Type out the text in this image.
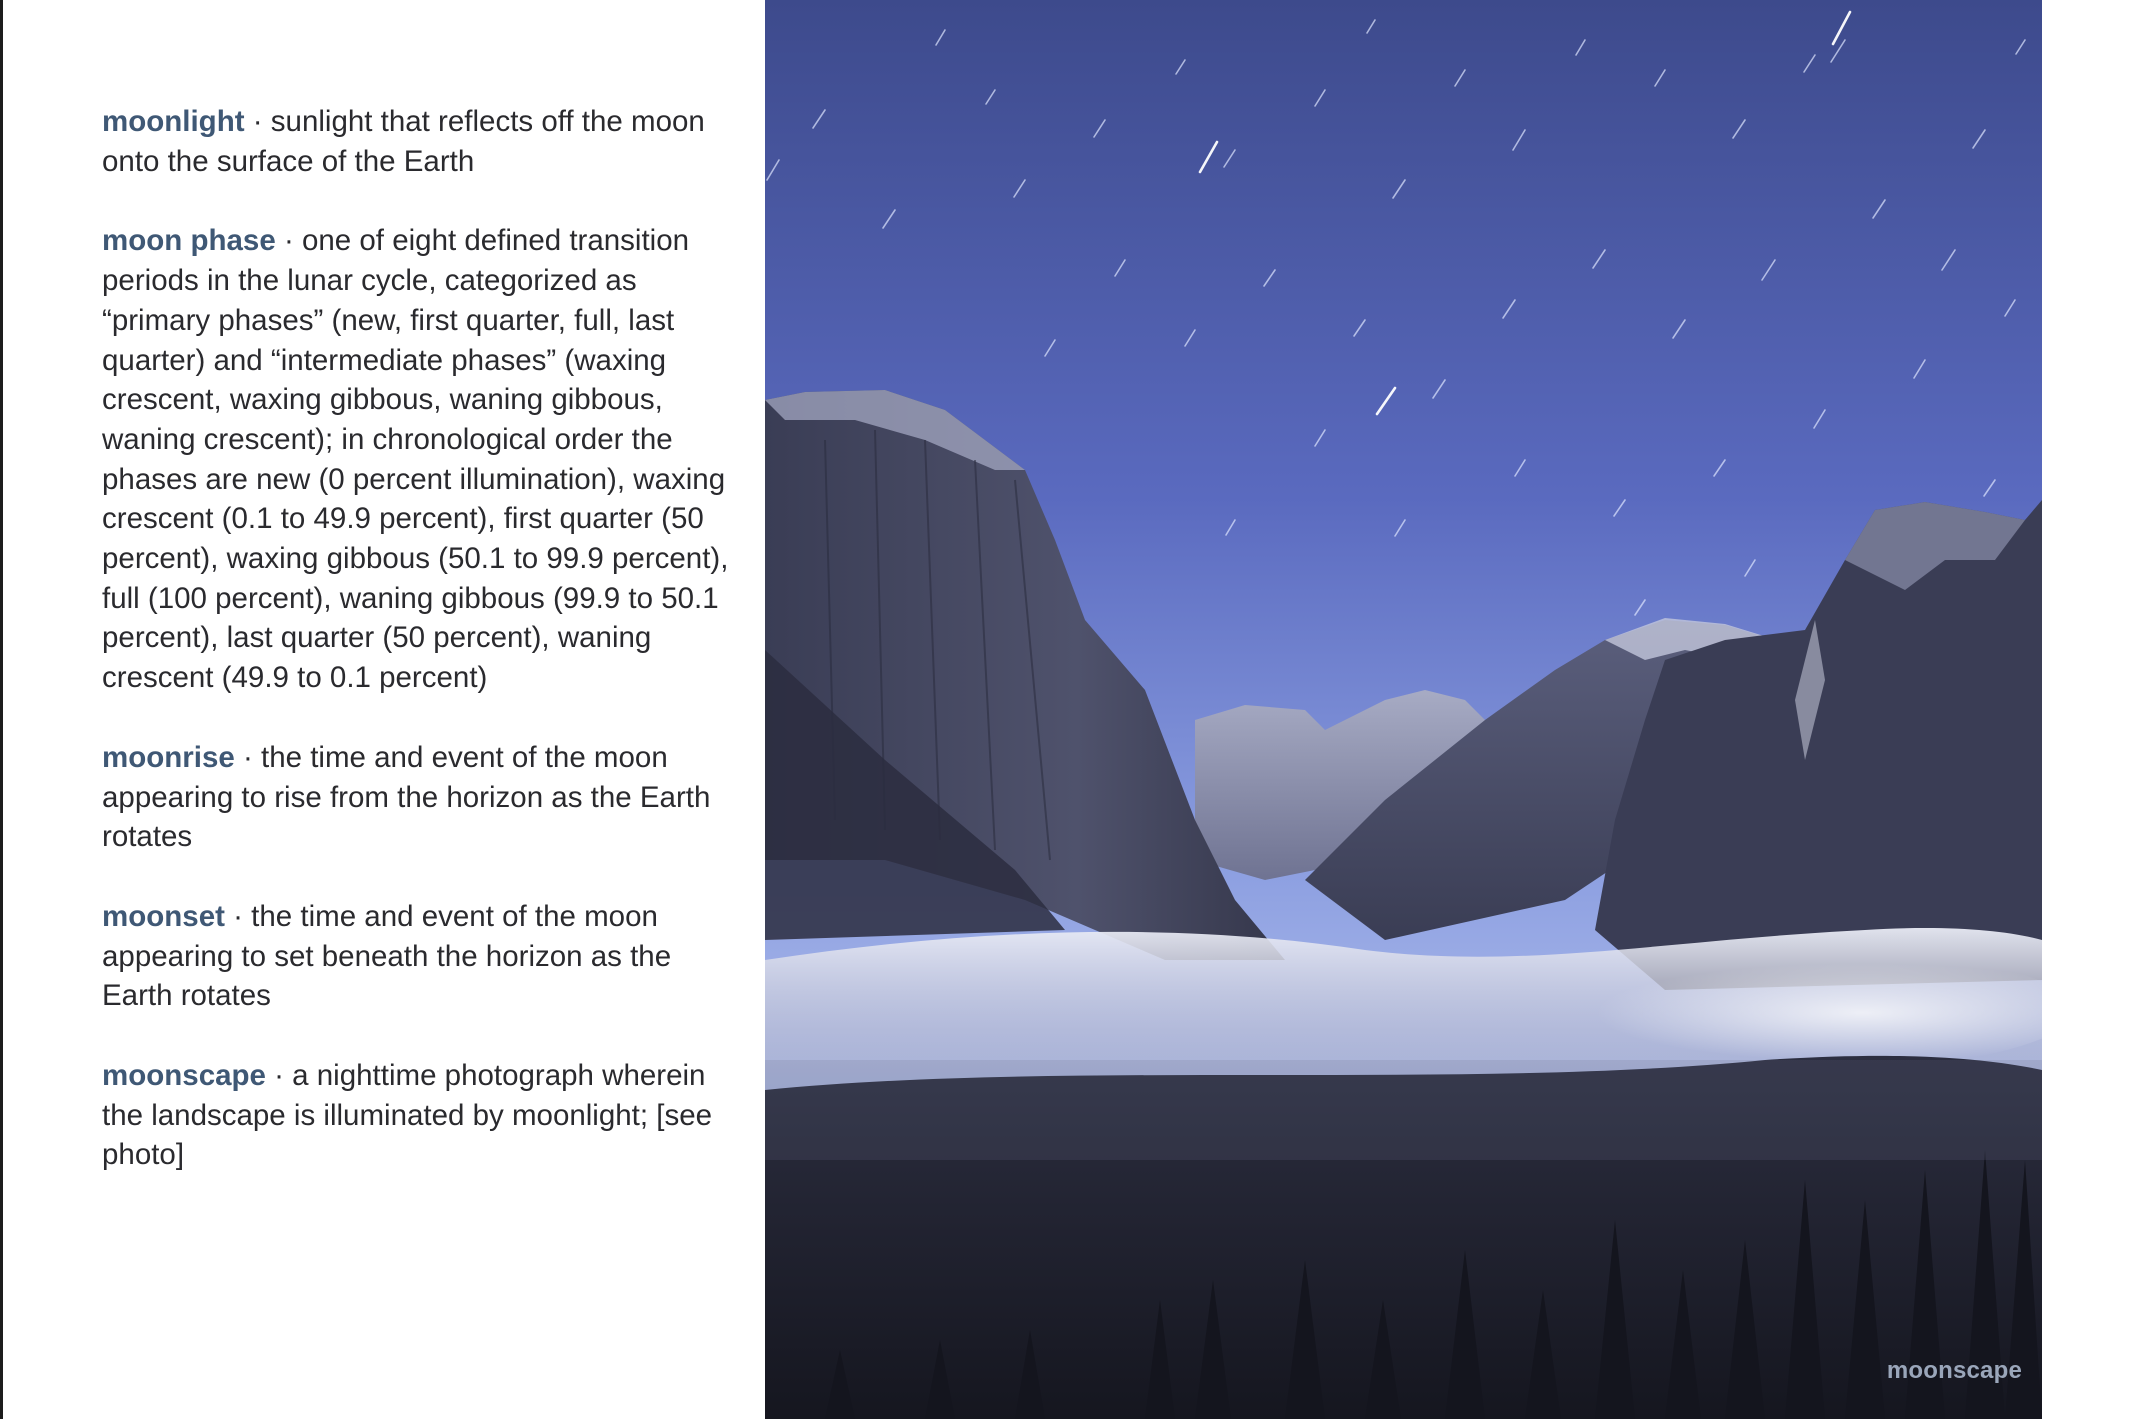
moonlight · sunlight that reflects off the moon onto the surface of the Earth

moon phase · one of eight defined transition periods in the lunar cycle, categorized as “primary phases” (new, first quarter, full, last quarter) and “intermediate phases” (waxing crescent, waxing gibbous, waning gibbous, waning crescent); in chronological order the phases are new (0 percent illumination), waxing crescent (0.1 to 49.9 percent), first quarter (50 percent), waxing gibbous (50.1 to 99.9 percent), full (100 percent), waning gibbous (99.9 to 50.1 percent), last quarter (50 percent), waning crescent (49.9 to 0.1 percent)

moonrise · the time and event of the moon appearing to rise from the horizon as the Earth rotates

moonset · the time and event of the moon appearing to set beneath the horizon as the Earth rotates

moonscape · a nighttime photograph wherein the landscape is illuminated by moonlight; [see photo]

moonscape
